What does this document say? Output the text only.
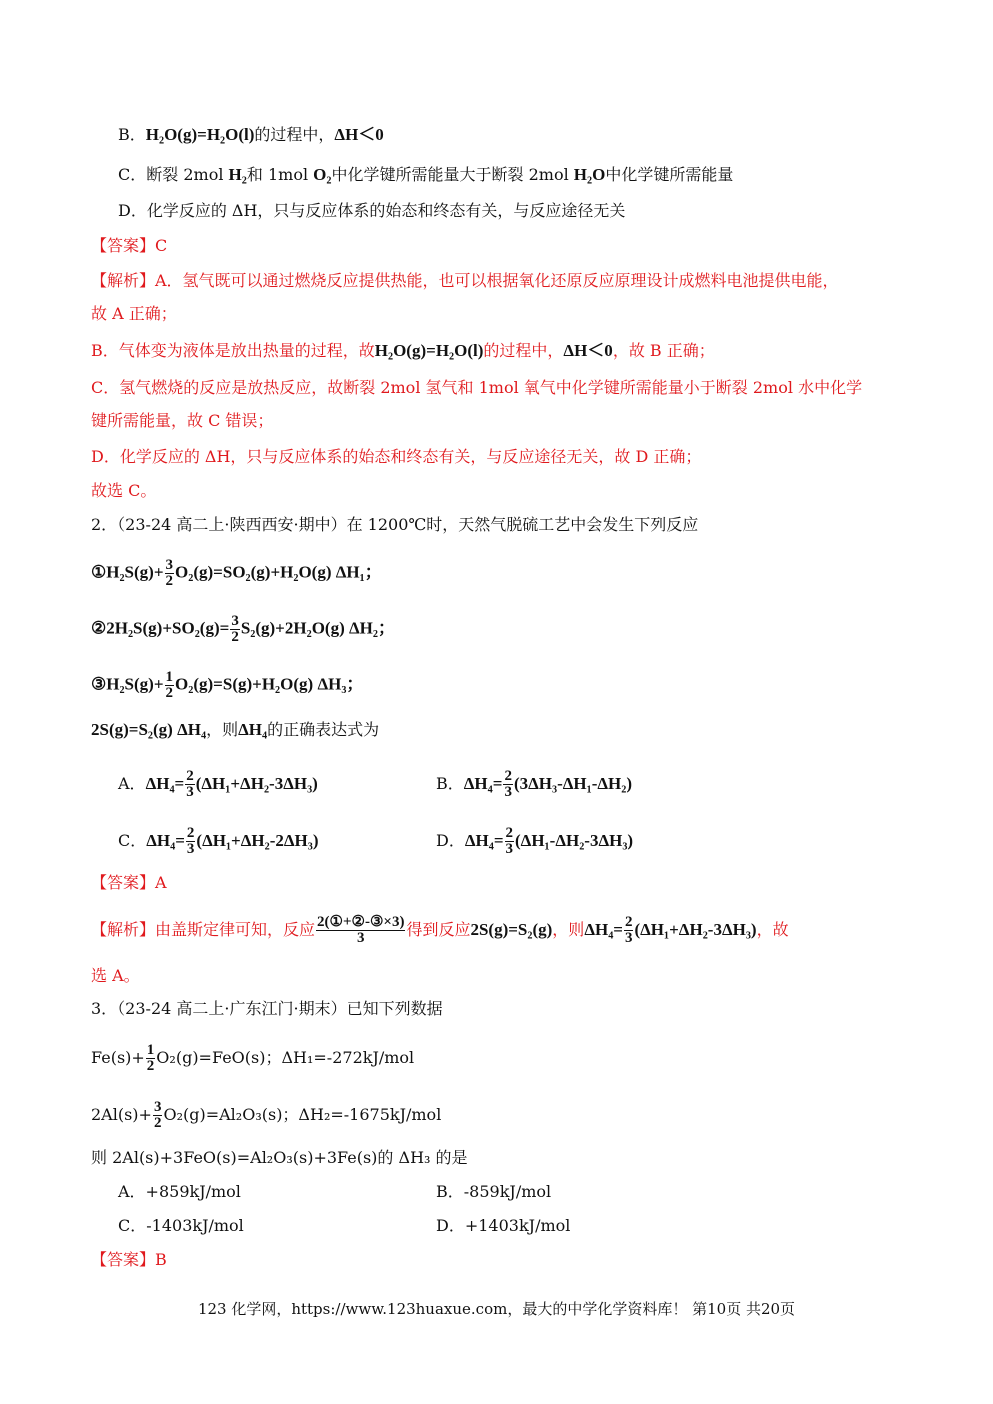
B．H₂O(g)=H₂O(l)的过程中，ΔH＜0
C．断裂 2mol H₂和 1mol O₂中化学键所需能量大于断裂 2mol H₂O中化学键所需能量
D．化学反应的 ΔH，只与反应体系的始态和终态有关，与反应途径无关
【答案】C
【解析】A．氢气既可以通过燃烧反应提供热能，也可以根据氧化还原反应原理设计成燃料电池提供电能，
故 A 正确；
B．气体变为液体是放出热量的过程，故H₂O(g)=H₂O(l)的过程中，ΔH＜0，故 B 正确；
C．氢气燃烧的反应是放热反应，故断裂 2mol 氢气和 1mol 氧气中化学键所需能量小于断裂 2mol 水中化学
键所需能量，故 C 错误；
D．化学反应的 ΔH，只与反应体系的始态和终态有关，与反应途径无关，故 D 正确；
故选 C。
2．（23-24 高二上·陕西西安·期中）在 1200℃时，天然气脱硫工艺中会发生下列反应
①H₂S(g)+ $\frac{3}{2} O_2(g)=SO_2(g)+H_2O(g)$ ΔH₁；
②2H₂S(g)+SO₂(g)= $\frac{3}{2} S_2(g)+2H_2O(g)$ ΔH₂；
③H₂S(g)+ $\frac{1}{2} O_2(g)=S(g)+H_2O(g)$ ΔH₃；
2S(g)=S₂(g) ΔH₄，则ΔH₄的正确表达式为
A．$\Delta H_4= \frac{2}{3} (\Delta H_1+\Delta H_2-3\Delta H_3)$	B．$\Delta H_4= \frac{2}{3} (3\Delta H_3-\Delta H_1-\Delta H_2)$
C．$\Delta H_4= \frac{2}{3} (\Delta H_1+\Delta H_2-2\Delta H_3)$	D．$\Delta H_4= \frac{2}{3} (\Delta H_1-\Delta H_2-3\Delta H_3)$
【答案】A
【解析】由盖斯定律可知，反应 $\frac{\text{2(①+②-③×3)}}{3}$ 得到反应2S(g)=S₂(g)，则$\Delta H_4= \frac{2}{3} (\Delta H_1+\Delta H_2-3\Delta H_3)$，故
选 A。
3．（23-24 高二上·广东江门·期末）已知下列数据
$Fe(s)+ \frac{1}{2} O_2(g)=FeO(s)$；ΔH₁=-272kJ/mol
$2Al(s)+ \frac{3}{2} O_2(g)=Al_2O_3(s)$；ΔH₂=-1675kJ/mol
则 2Al(s)+3FeO(s)=Al₂O₃(s)+3Fe(s)的 ΔH₃ 的是
A．+859kJ/mol	B．-859kJ/mol
C．-1403kJ/mol	D．+1403kJ/mol
【答案】B
123 化学网，https://www.123huaxue.com，最大的中学化学资料库！ 第10页 共20页
